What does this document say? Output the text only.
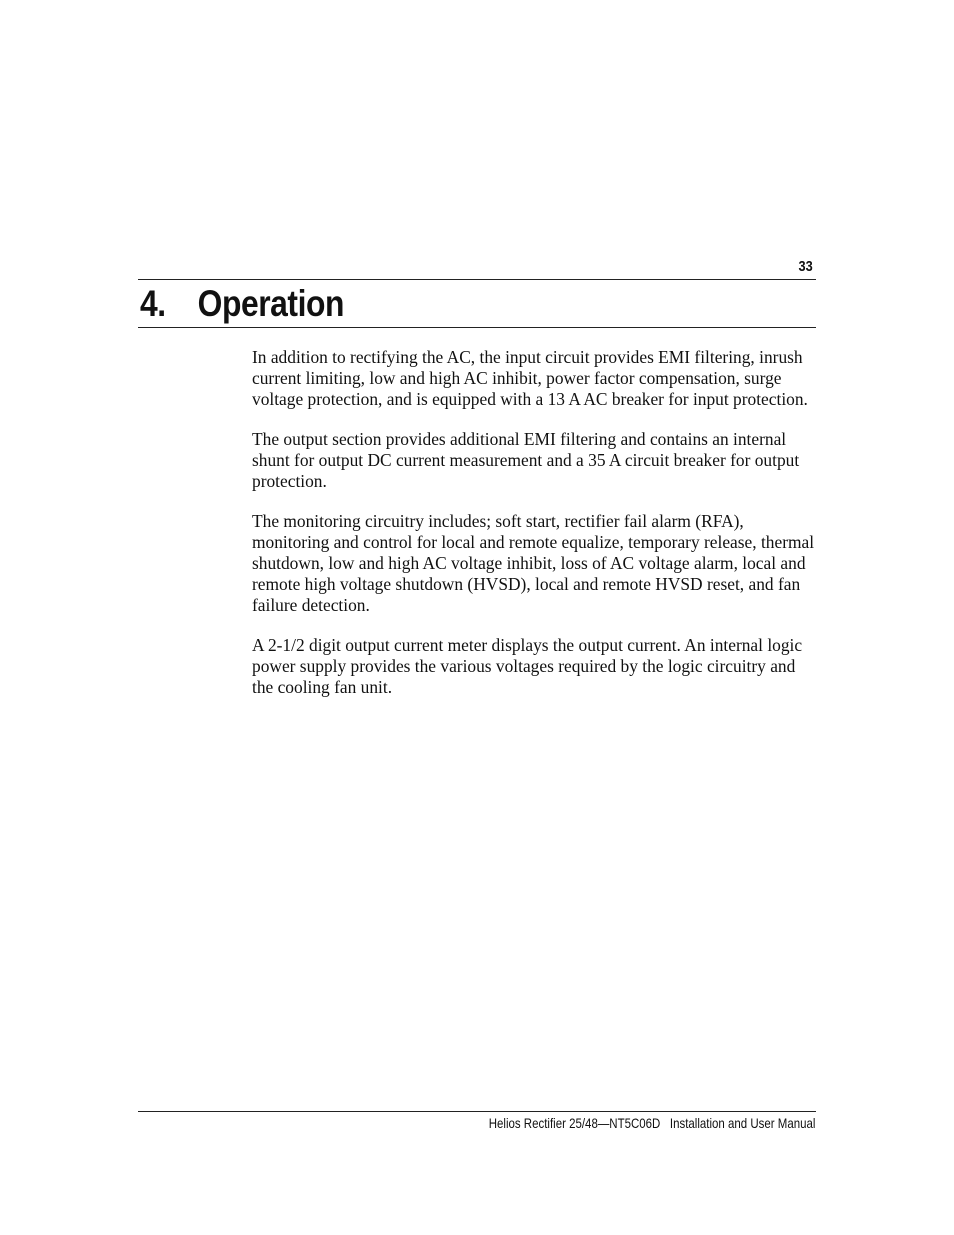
33
4. Operation

In addition to rectifying the AC, the input circuit provides EMI filtering, inrush current limiting, low and high AC inhibit, power factor compensation, surge voltage protection, and is equipped with a 13 A AC breaker for input protection.

The output section provides additional EMI filtering and contains an internal shunt for output DC current measurement and a 35 A circuit breaker for output protection.

The monitoring circuitry includes; soft start, rectifier fail alarm (RFA), monitoring and control for local and remote equalize, temporary release, thermal shutdown, low and high AC voltage inhibit, loss of AC voltage alarm, local and remote high voltage shutdown (HVSD), local and remote HVSD reset, and fan failure detection.

A 2-1/2 digit output current meter displays the output current. An internal logic power supply provides the various voltages required by the logic circuitry and the cooling fan unit.

Helios Rectifier 25/48—NT5C06D   Installation and User Manual
